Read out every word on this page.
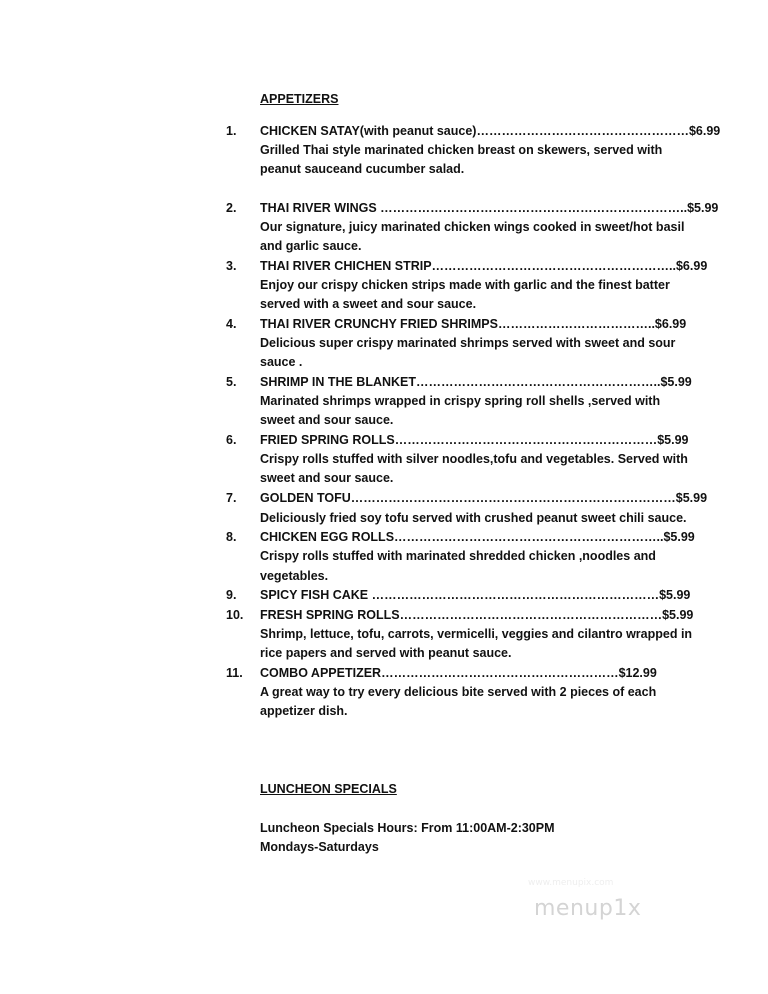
APPETIZERS
1. CHICKEN SATAY(with peanut sauce)……………………………………………$6.99
Grilled Thai style marinated chicken breast on skewers, served with
peanut sauceand cucumber salad.
2. THAI RIVER WINGS ………………………………………………………………..$5.99
Our signature, juicy marinated chicken wings cooked in sweet/hot basil
and garlic sauce.
3. THAI RIVER CHICHEN STRIP…………………………………………………..$6.99
Enjoy our crispy chicken strips made with garlic and the finest batter
served with a sweet and sour sauce.
4. THAI RIVER CRUNCHY FRIED SHRIMPS………………………………..$6.99
Delicious super crispy marinated shrimps served with sweet and sour
sauce .
5. SHRIMP IN THE BLANKET…………………………………………………..$5.99
Marinated shrimps wrapped in crispy spring roll shells ,served with
sweet and sour sauce.
6. FRIED SPRING ROLLS………………………………………………………$5.99
Crispy rolls stuffed with silver noodles,tofu and vegetables. Served with
sweet and sour sauce.
7. GOLDEN TOFU……………………………………………………………………$5.99
Deliciously fried soy tofu served with crushed peanut sweet chili sauce.
8. CHICKEN EGG ROLLS………………………………………………………..$5.99
Crispy rolls stuffed with marinated shredded chicken ,noodles and
vegetables.
9. SPICY FISH CAKE ……………………………………………………………$5.99
10. FRESH SPRING ROLLS………………………………………………………$5.99
Shrimp, lettuce, tofu, carrots, vermicelli, veggies and cilantro wrapped in
rice papers and served with peanut sauce.
11. COMBO APPETIZER…………………………………………………$12.99
A great way to try every delicious bite served with 2 pieces of each
appetizer dish.
LUNCHEON SPECIALS
Luncheon Specials Hours: From 11:00AM-2:30PM
Mondays-Saturdays
www.menupix.com
menup1x
